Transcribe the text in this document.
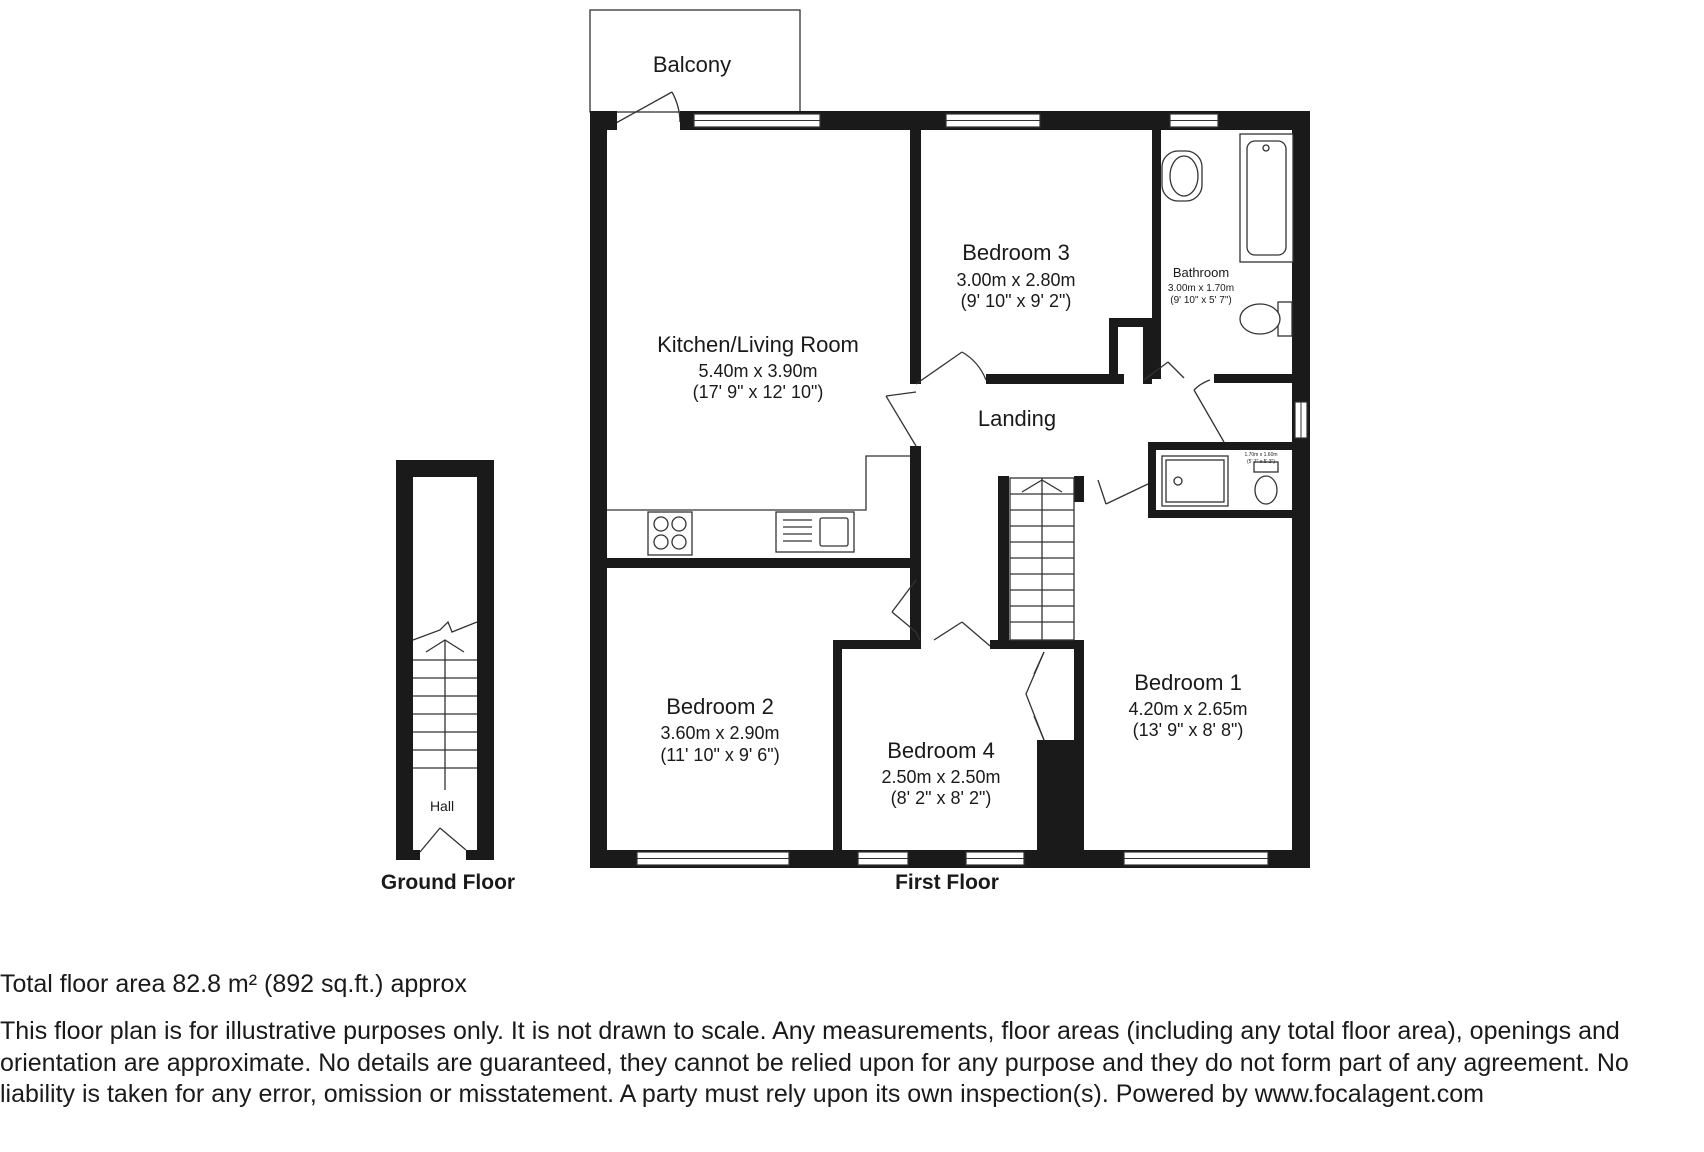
Balcony
Kitchen/Living Room
5.40m x 3.90m
(17' 9" x 12' 10")
Bedroom 3
3.00m x 2.80m
(9' 10" x 9' 2")
Bathroom
3.00m x 1.70m
(9' 10" x 5' 7")
Landing
Shower Room
1.70m x 1.60m
(5' 7" x 5' 3")
Bedroom 1
4.20m x 2.65m
(13' 9" x 8' 8")
Bedroom 2
3.60m x 2.90m
(11' 10" x 9' 6")	Bedroom 4
2.50m x 2.50m
(8' 2" x 8' 2")
Hall
Ground Floor	First Floor
Total floor area 82.8 m² (892 sq.ft.) approx
This floor plan is for illustrative purposes only. It is not drawn to scale. Any measurements, floor areas (including any total floor area), openings and orientation are approximate. No details are guaranteed, they cannot be relied upon for any purpose and they do not form part of any agreement. No liability is taken for any error, omission or misstatement. A party must rely upon its own inspection(s). Powered by www.focalagent.com
